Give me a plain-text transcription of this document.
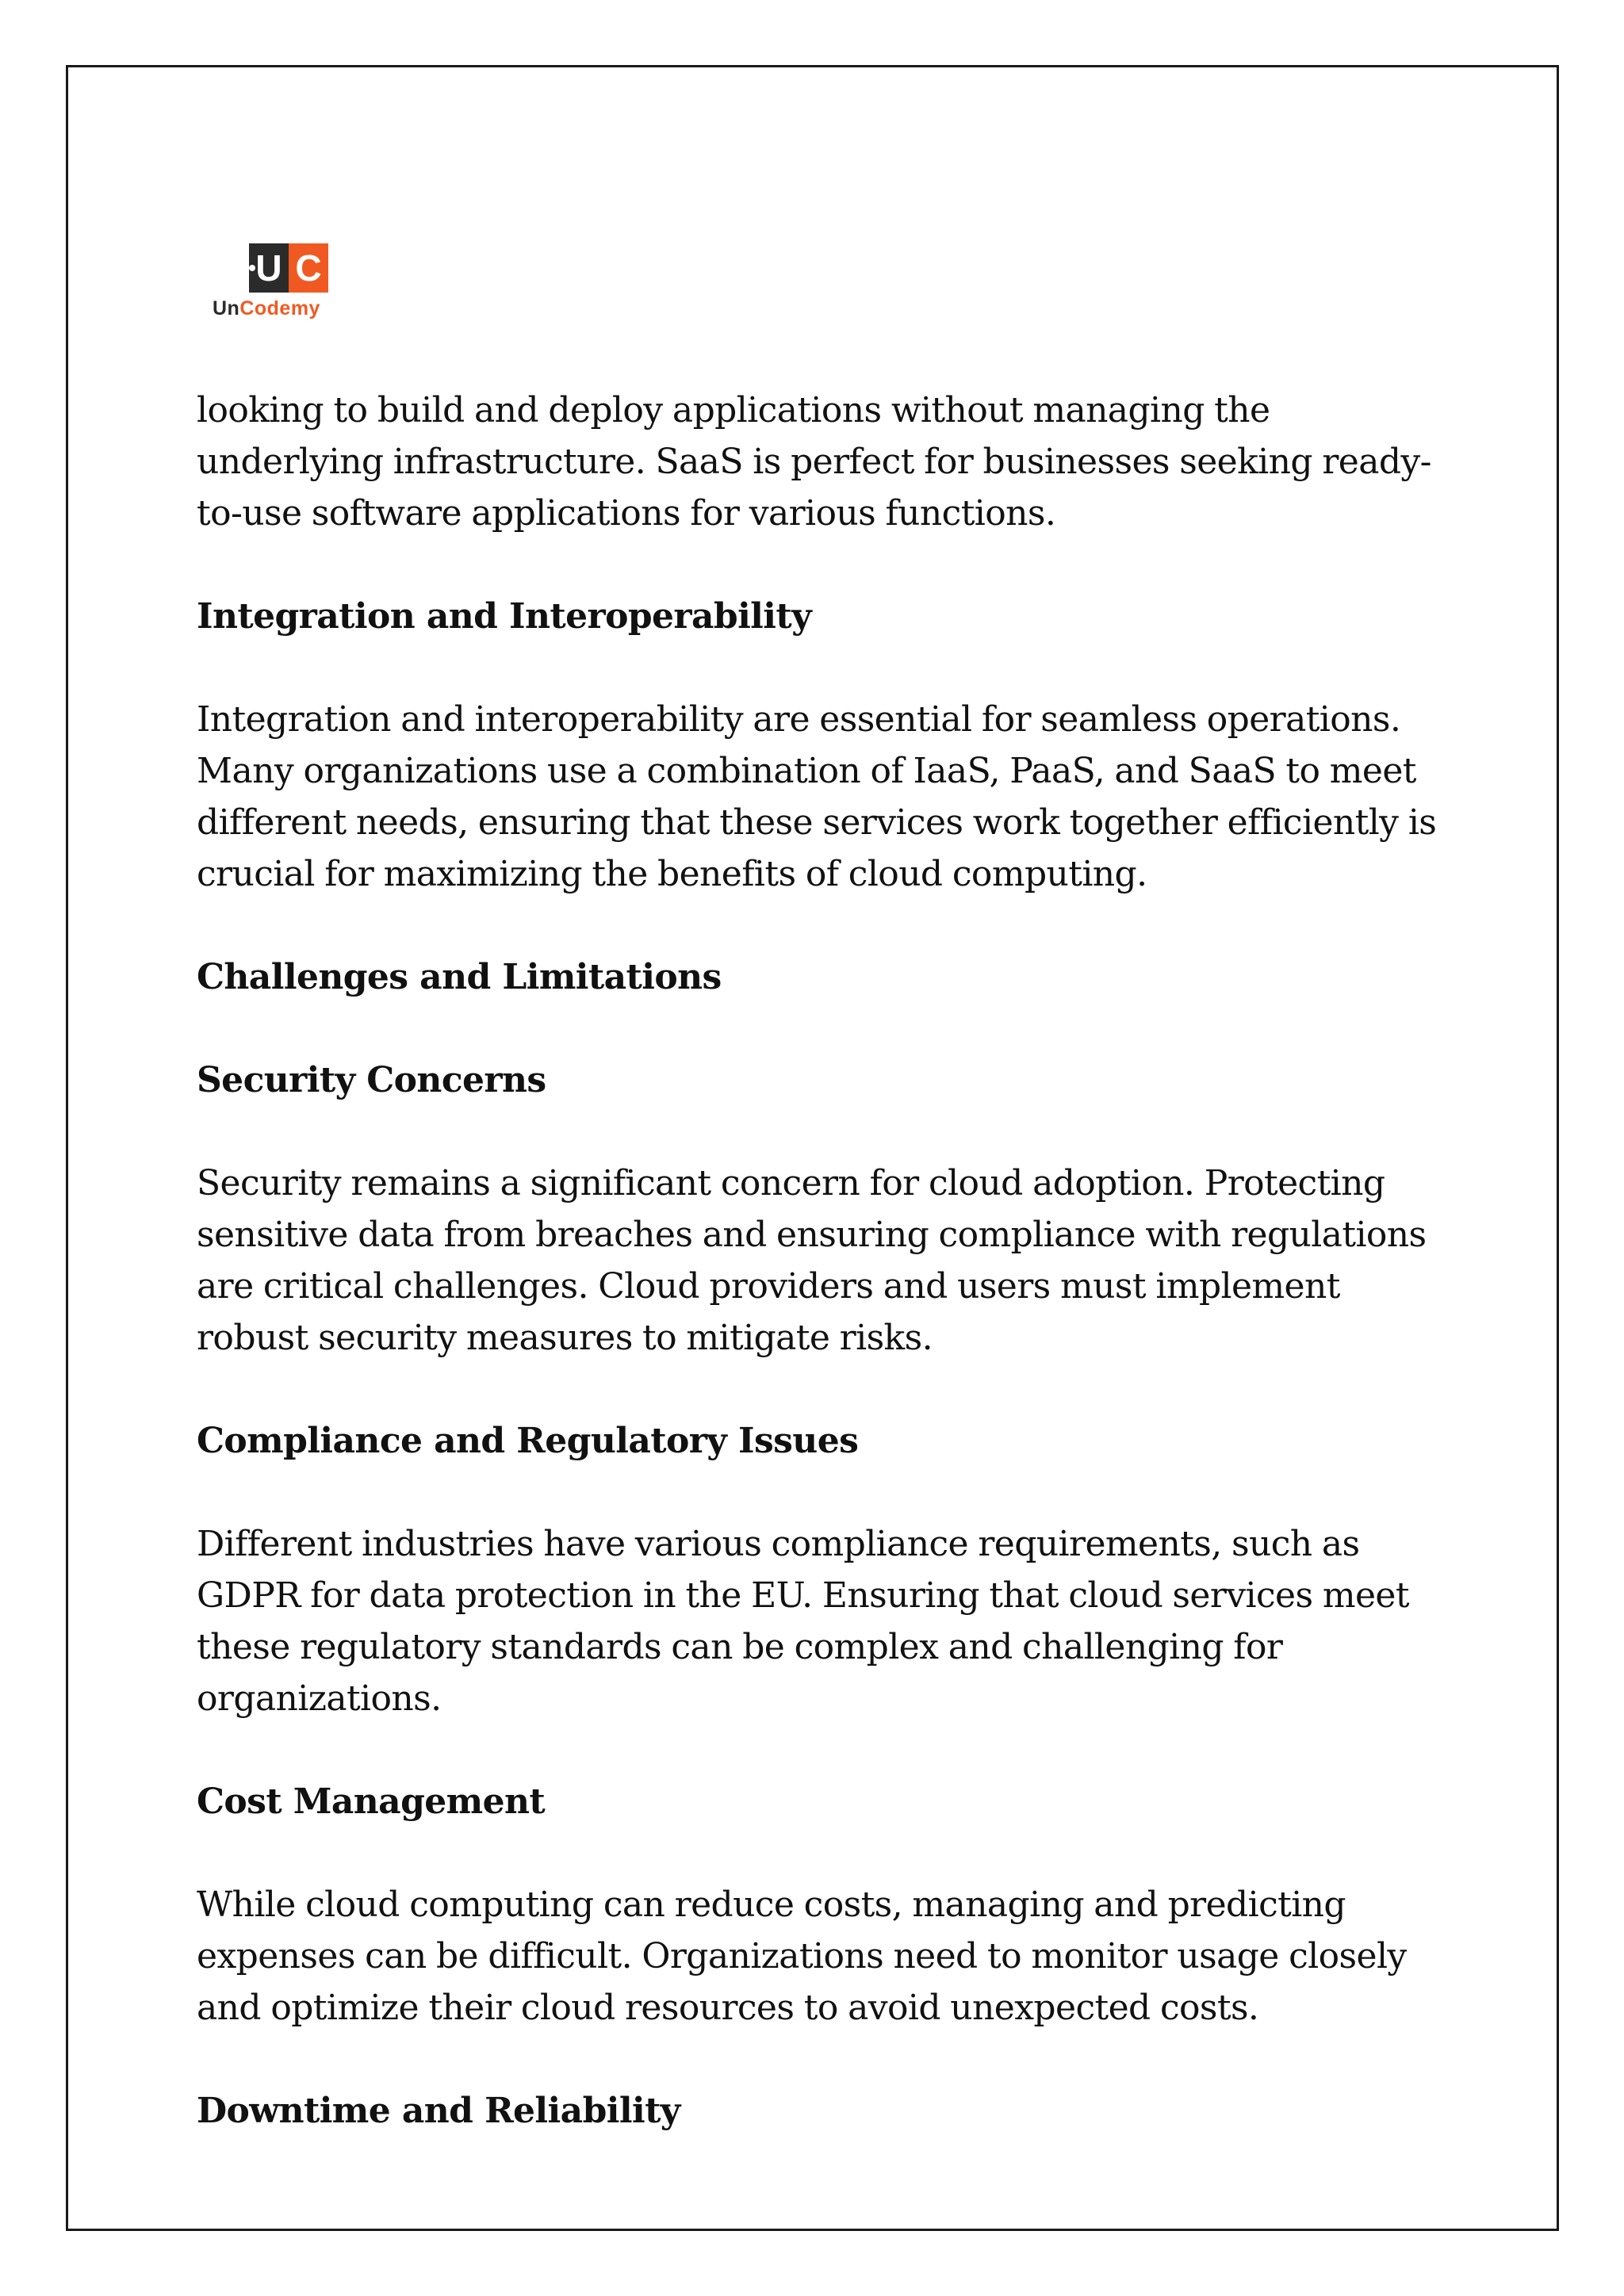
U C
UnCodemy

looking to build and deploy applications without managing the underlying infrastructure. SaaS is perfect for businesses seeking ready-to-use software applications for various functions.

Integration and Interoperability

Integration and interoperability are essential for seamless operations. Many organizations use a combination of IaaS, PaaS, and SaaS to meet different needs, ensuring that these services work together efficiently is crucial for maximizing the benefits of cloud computing.

Challenges and Limitations

Security Concerns

Security remains a significant concern for cloud adoption. Protecting sensitive data from breaches and ensuring compliance with regulations are critical challenges. Cloud providers and users must implement robust security measures to mitigate risks.

Compliance and Regulatory Issues

Different industries have various compliance requirements, such as GDPR for data protection in the EU. Ensuring that cloud services meet these regulatory standards can be complex and challenging for organizations.

Cost Management

While cloud computing can reduce costs, managing and predicting expenses can be difficult. Organizations need to monitor usage closely and optimize their cloud resources to avoid unexpected costs.

Downtime and Reliability
